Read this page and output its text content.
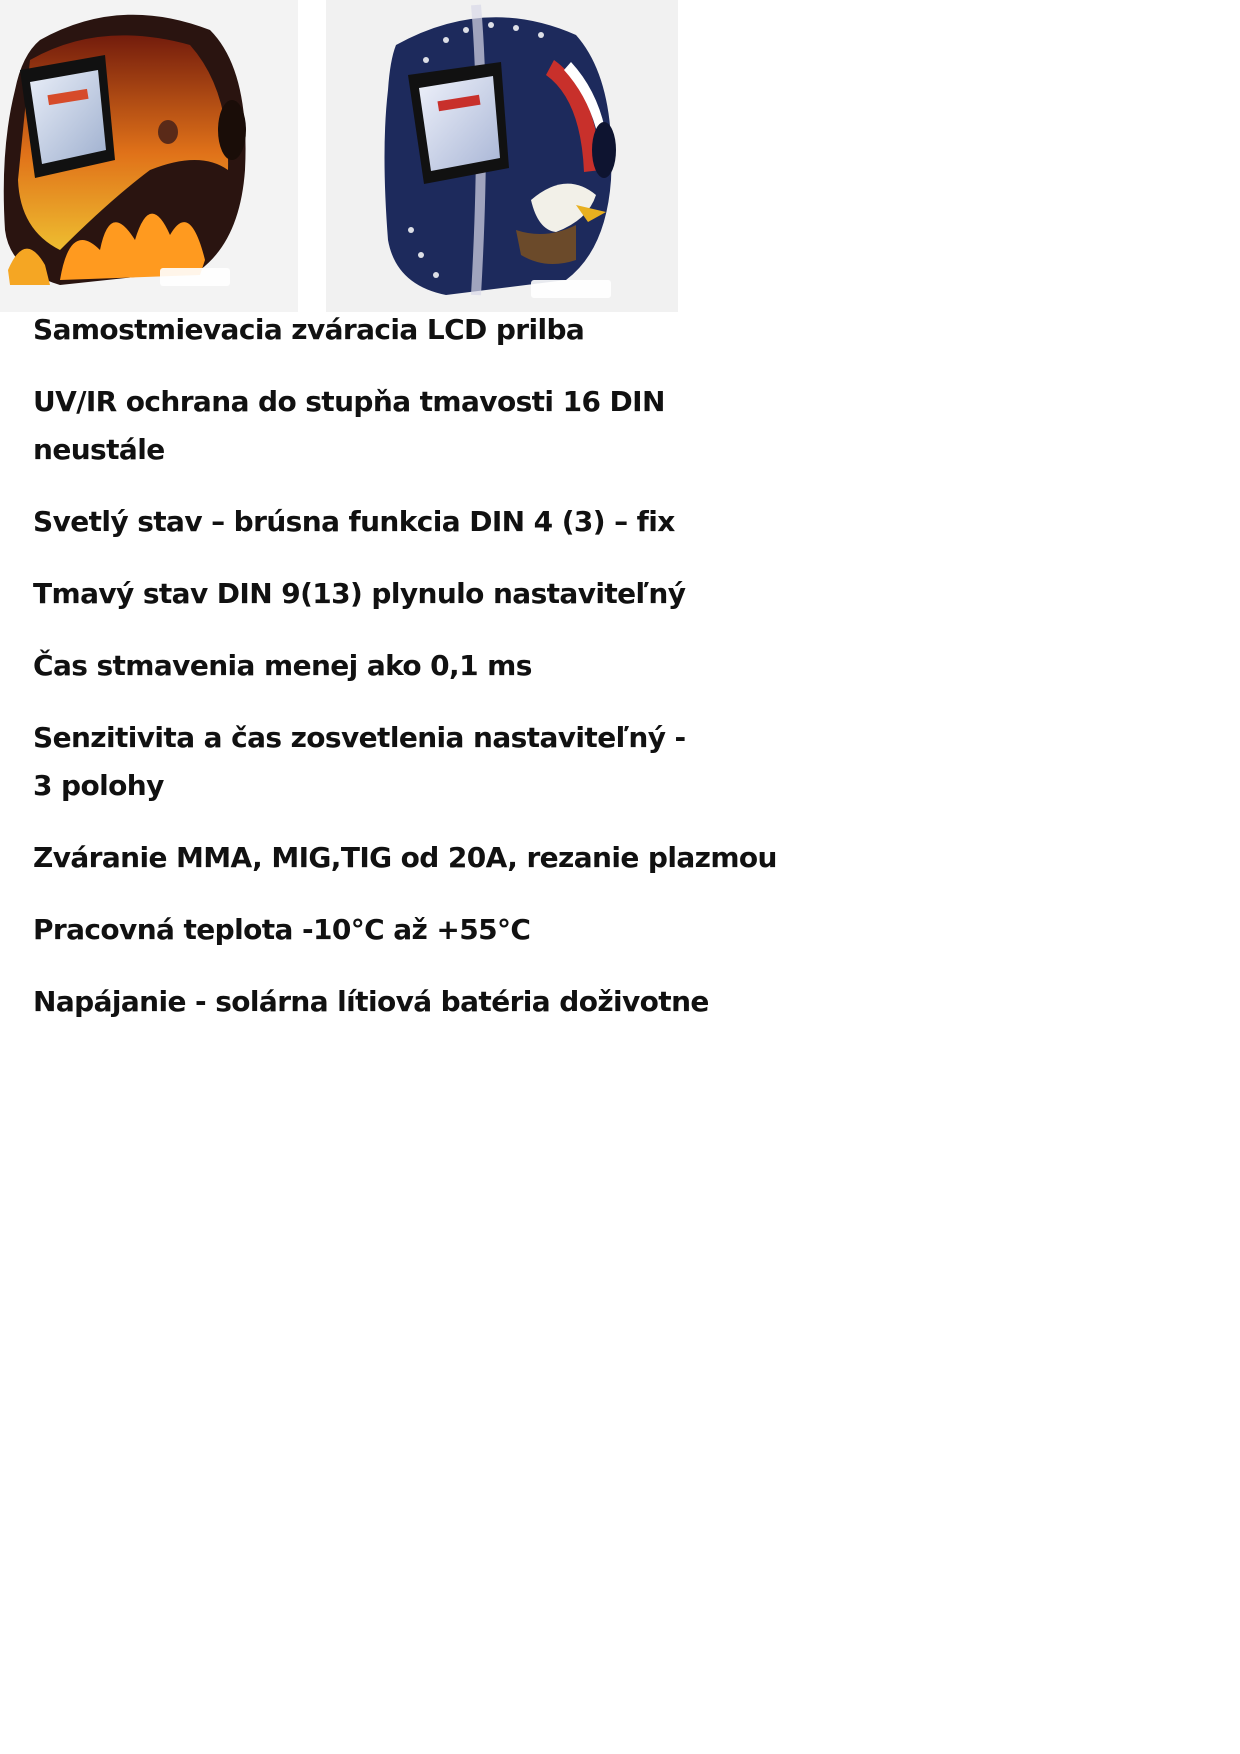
Samostmievacia zváracia LCD prilba
UV/IR ochrana do stupňa tmavosti 16 DIN neustále
Svetlý stav – brúsna funkcia DIN 4 (3) – fix
Tmavý stav DIN 9(13) plynulo nastaviteľný
Čas stmavenia menej ako 0,1 ms
Senzitivita a čas zosvetlenia nastaviteľný - 3 polohy
Zváranie MMA, MIG,TIG od 20A, rezanie plazmou
Pracovná teplota -10°C až +55°C
Napájanie - solárna lítiová batéria doživotne
